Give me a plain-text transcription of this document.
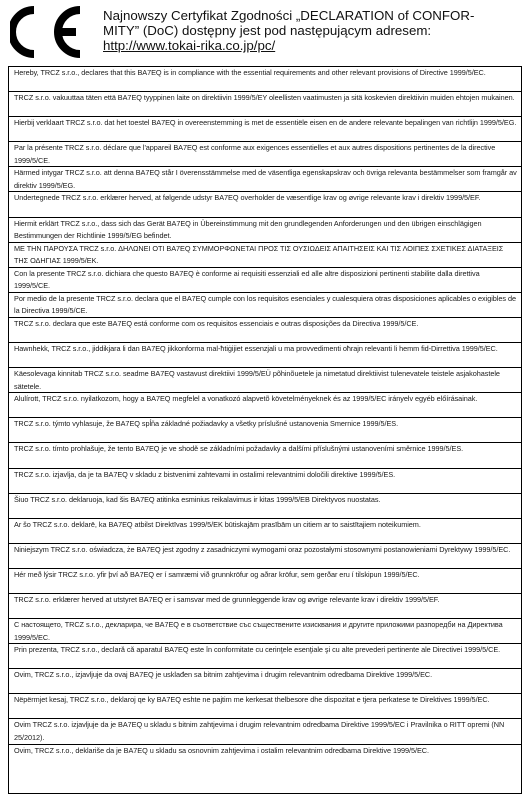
Najnowszy Certyfikat Zgodności „DECLARATION of CONFOR-
MITY” (DoC) dostępny jest pod następującym adresem:
http://www.tokai-rika.co.jp/pc/
Hereby, TRCZ s.r.o., declares that this BA7EQ is in compliance with the essential requirements and other relevant provisions of Directive 1999/5/EC.
TRCZ s.r.o. vakuuttaa täten että BA7EQ tyyppinen laite on direktiivin 1999/5/EY oleellisten vaatimusten ja sitä koskevien direktiivin muiden ehtojen mukainen.
Hierbij verklaart TRCZ s.r.o. dat het toestel BA7EQ in overeenstemming is met de essentiële eisen en de andere relevante bepalingen van richtlijn 1999/5/EG.
Par la présente TRCZ s.r.o. déclare que l'appareil BA7EQ est conforme aux exigences essentielles et aux autres dispositions pertinentes de la directive 1999/5/CE.
Härmed intygar TRCZ s.r.o. att denna BA7EQ står I överensstämmelse med de väsentliga egenskapskrav och övriga relevanta bestämmelser som framgår av direktiv 1999/5/EG.
Undertegnede TRCZ s.r.o. erklærer herved, at følgende udstyr BA7EQ overholder de væsentlige krav og øvrige relevante krav i direktiv 1999/5/EF.
Hiermit erklärt TRCZ s.r.o., dass sich das Gerät BA7EQ in Übereinstimmung mit den grundlegenden Anforderungen und den übrigen einschlägigen Bestimmungen der Richtlinie 1999/5/EG befindet.
ΜΕ ΤΗΝ ΠΑΡΟΥΣΑ TRCZ s.r.o. ΔΗΛΩΝΕΙ ΟΤΙ BA7EQ ΣΥΜΜΟΡΦΩΝΕΤΑΙ ΠΡΟΣ ΤΙΣ ΟΥΣΙΩΔΕΙΣ ΑΠΑΙΤΗΣΕΙΣ ΚΑΙ ΤΙΣ ΛΟΙΠΕΣ ΣΧΕΤΙΚΕΣ ΔΙΑΤΑΞΕΙΣ ΤΗΣ ΟΔΗΓΙΑΣ 1999/5/ΕΚ.
Con la presente TRCZ s.r.o. dichiara che questo BA7EQ è conforme ai requisiti essenziali ed alle altre disposizioni pertinenti stabilite dalla direttiva 1999/5/CE.
Por medio de la presente TRCZ s.r.o. declara que el BA7EQ cumple con los requisitos esenciales y cualesquiera otras disposiciones aplicables o exigibles de la Directiva 1999/5/CE.
TRCZ s.r.o. declara que este BA7EQ está conforme com os requisitos essenciais e outras disposições da Directiva 1999/5/CE.
Hawnhekk, TRCZ s.r.o., jiddikjara li dan BA7EQ jikkonforma mal-ħtiġijiet essenzjali u ma provvedimenti oħrajn relevanti li hemm fid-Dirrettiva 1999/5/EC.
Käesolevaga kinnitab TRCZ s.r.o. seadme BA7EQ vastavust direktiivi 1999/5/EÜ põhinõuetele ja nimetatud direktiivist tulenevatele teistele asjakohastele sätetele.
Alulírott, TRCZ s.r.o. nyilatkozom, hogy a BA7EQ megfelel a vonatkozó alapvetõ követelményeknek és az 1999/5/EC irányelv egyéb előírásainak.
TRCZ s.r.o. týmto vyhlasuje, že BA7EQ spĺňa základné požiadavky a všetky príslušné ustanovenia Smernice 1999/5/ES.
TRCZ s.r.o. tímto prohlašuje, že tento BA7EQ je ve shodě se základními požadavky a dalšími příslušnými ustanoveními směrnice 1999/5/ES.
TRCZ s.r.o. izjavlja, da je ta BA7EQ v skladu z bistvenimi zahtevami in ostalimi relevantnimi določili direktive 1999/5/ES.
Šiuo TRCZ s.r.o. deklaruoja, kad šis BA7EQ atitinka esminius reikalavimus ir kitas 1999/5/EB Direktyvos nuostatas.
Ar šo TRCZ s.r.o. deklarē, ka BA7EQ atbilst Direktīvas 1999/5/EK būtiskajām prasībām un citiem ar to saistītajiem noteikumiem.
Niniejszym TRCZ s.r.o. oświadcza, że BA7EQ jest zgodny z zasadniczymi wymogami oraz pozostałymi stosownymi postanowieniami Dyrektywy 1999/5/EC.
Hér með lýsir TRCZ s.r.o. yfir því að BA7EQ er í samræmi við grunnkröfur og aðrar kröfur, sem gerðar eru í tilskipun 1999/5/EC.
TRCZ s.r.o. erklærer herved at utstyret BA7EQ er i samsvar med de grunnleggende krav og øvrige relevante krav i direktiv 1999/5/EF.
С настоящето, TRCZ s.r.o., декларира, че BA7EQ е в съответствие със съществените изисквания и другите приложими разпоредби на Директива 1999/5/ЕС.
Prin prezenta, TRCZ s.r.o., declară că aparatul BA7EQ este în conformitate cu cerinţele esenţiale şi cu alte prevederi pertinente ale Directivei 1999/5/CE.
Ovim, TRCZ s.r.o., izjavljuje da ovaj BA7EQ je usklađen sa bitnim zahtjevima i drugim relevantnim odredbama Direktive 1999/5/EC.
Nëpërmjet kesaj, TRCZ s.r.o., deklaroj qe ky BA7EQ eshte ne pajtim me kerkesat thelbesore dhe dispozitat e tjera perkatese te Direktives 1999/5/EC.
Ovim TRCZ s.r.o. izjavljuje da je BA7EQ u skladu s bitnim zahtjevima i drugim relevantnim odredbama Direktive 1999/5/EC i Pravilnika o RITT opremi (NN 25/2012).
Ovim, TRCZ s.r.o., deklariše da je BA7EQ u skladu sa osnovnim zahtjevima i ostalim relevantnim odredbama Direktive 1999/5/EC.
